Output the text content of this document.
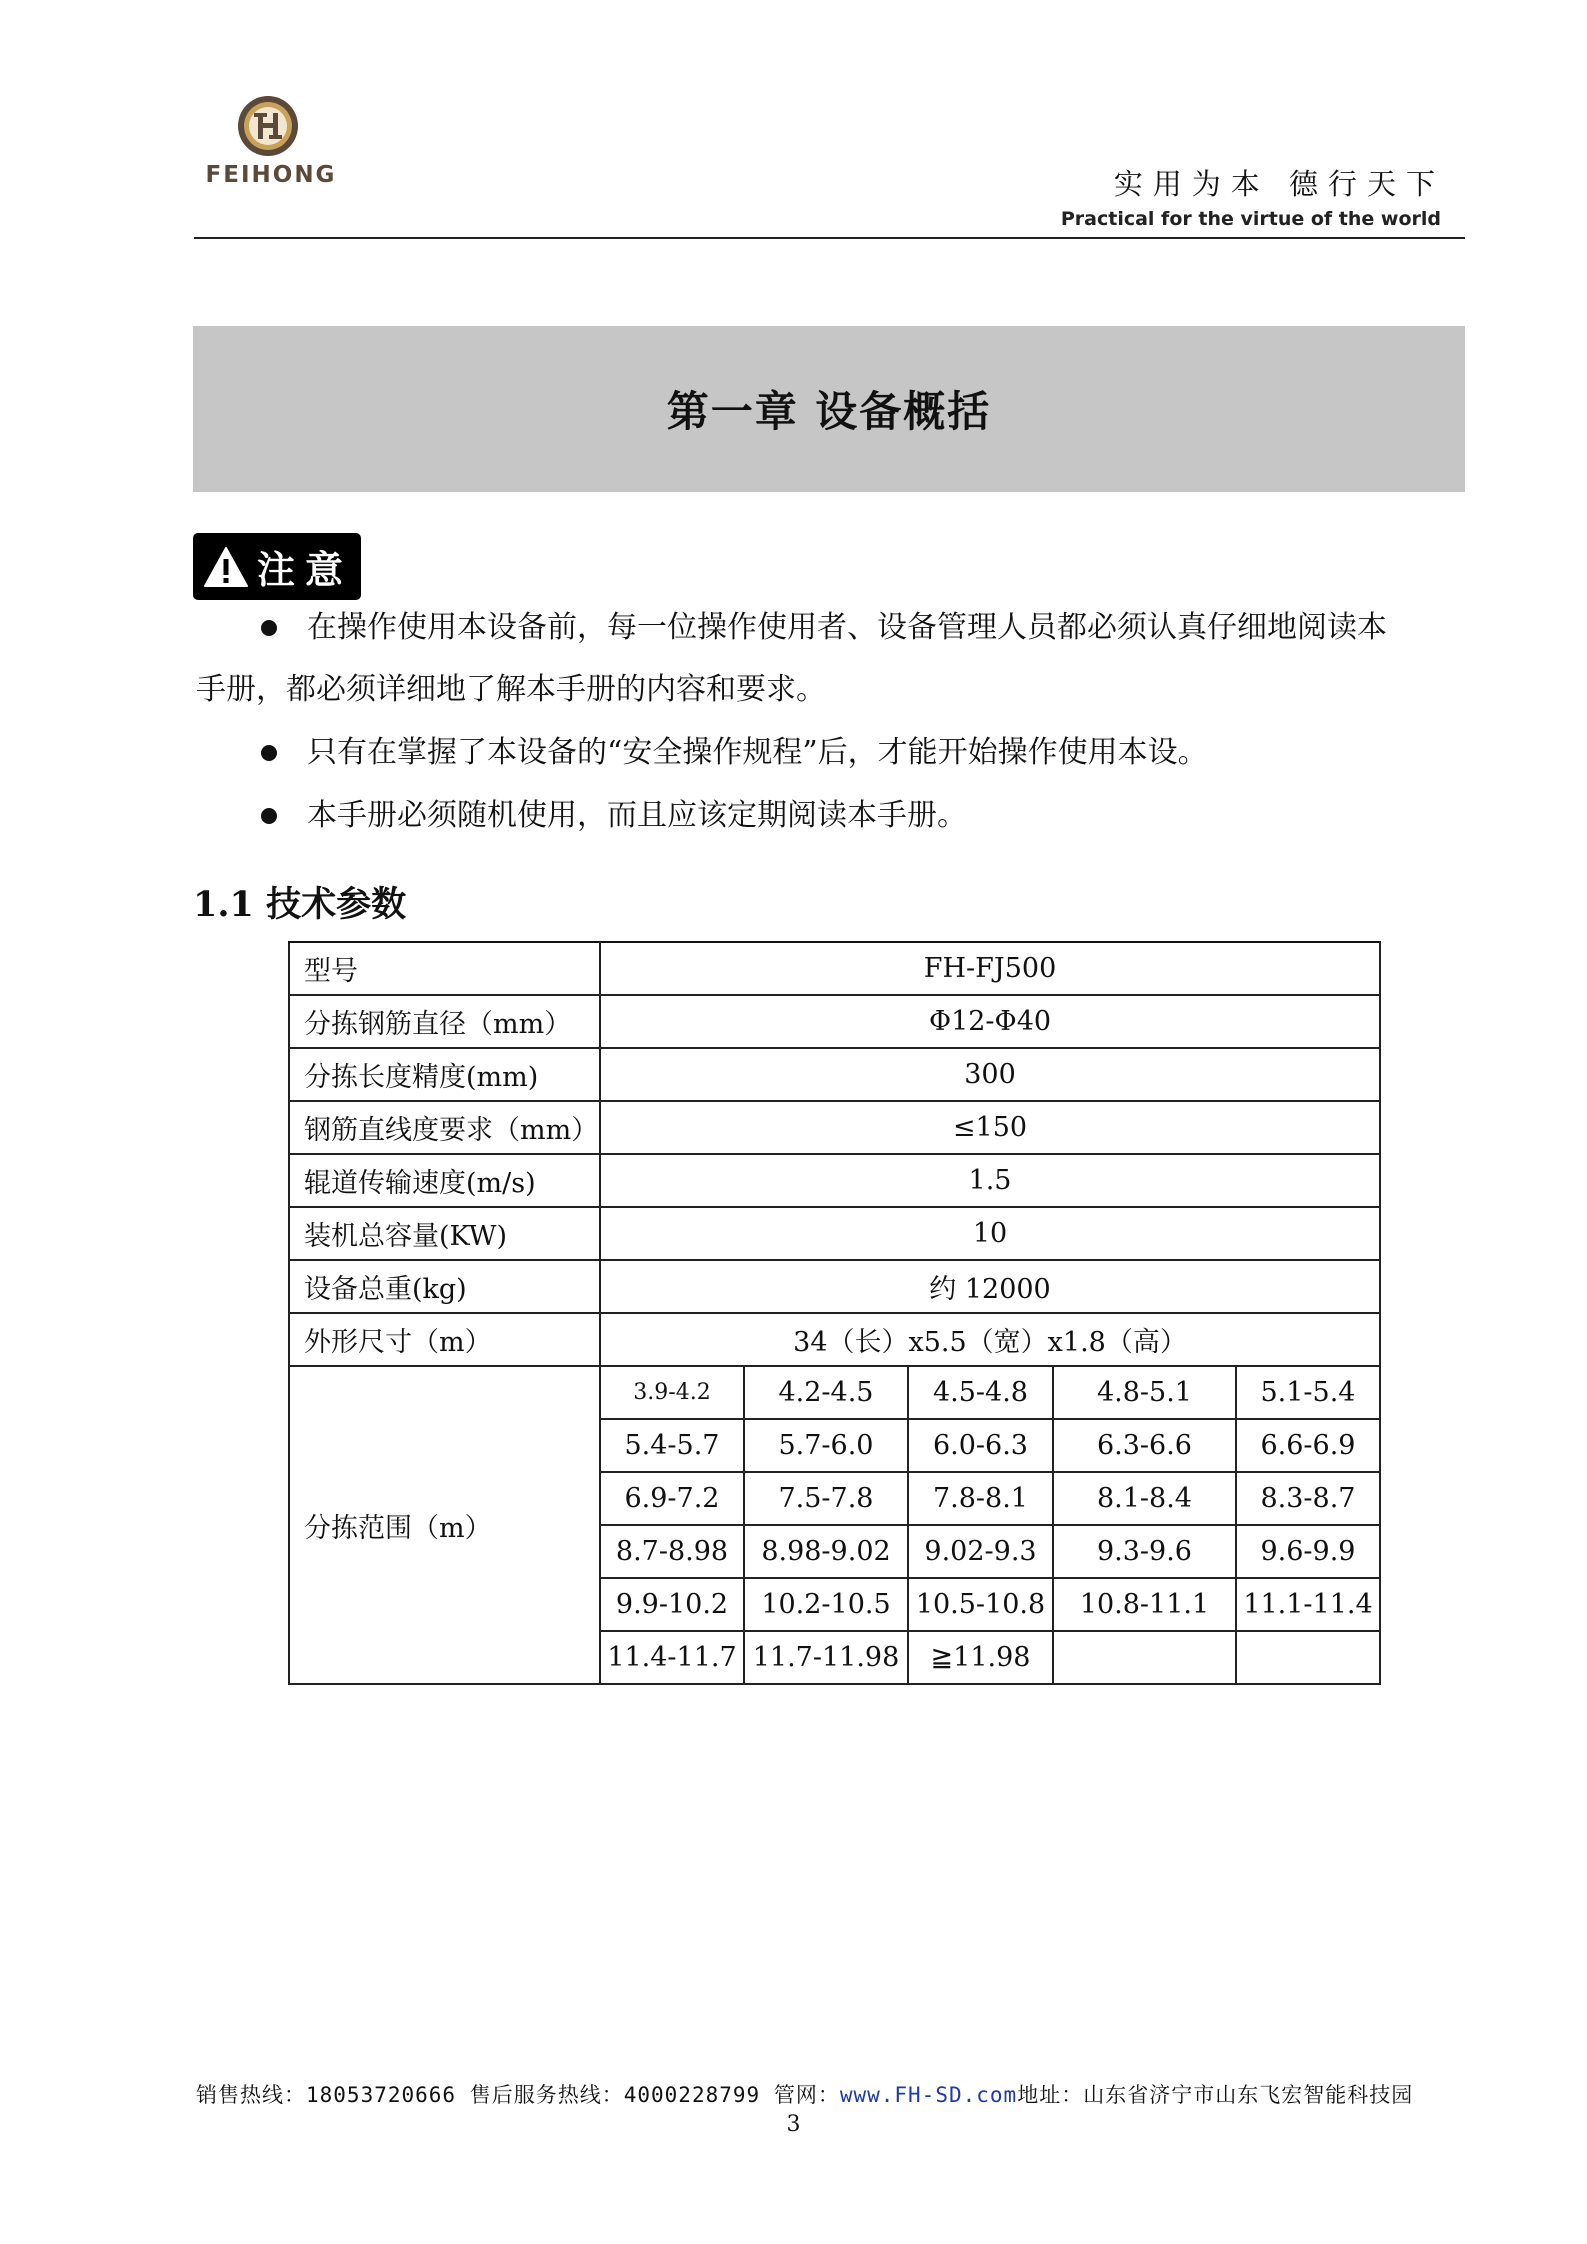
FEIHONG	实用为本 德行天下
Practical for the virtue of the world
第一章 设备概括
注意
在操作使用本设备前，每一位操作使用者、设备管理人员都必须认真仔细地阅读本
手册，都必须详细地了解本手册的内容和要求。
只有在掌握了本设备的“安全操作规程”后，才能开始操作使用本设。
本手册必须随机使用，而且应该定期阅读本手册。
1.1 技术参数
型号	FH-FJ500				
分拣钢筋直径（mm）	Φ12-Φ40				
分拣长度精度(mm)	300				
钢筋直线度要求（mm）	≤150				
辊道传输速度(m/s)	1.5				
装机总容量(KW)	10				
设备总重(kg)	约 12000				
外形尺寸（m）	34（长）x5.5（宽）x1.8（高）				
分拣范围（m）	3.9-4.2	4.2-4.5	4.5-4.8	4.8-5.1	5.1-5.4
	5.4-5.7	5.7-6.0	6.0-6.3	6.3-6.6	6.6-6.9
	6.9-7.2	7.5-7.8	7.8-8.1	8.1-8.4	8.3-8.7
	8.7-8.98	8.98-9.02	9.02-9.3	9.3-9.6	9.6-9.9
	9.9-10.2	10.2-10.5	10.5-10.8	10.8-11.1	11.1-11.4
	11.4-11.7	11.7-11.98	≧11.98		
销售热线：18053720666 售后服务热线：4000228799 管网：www.FH-SD.com地址：山东省济宁市山东飞宏智能科技园
3
